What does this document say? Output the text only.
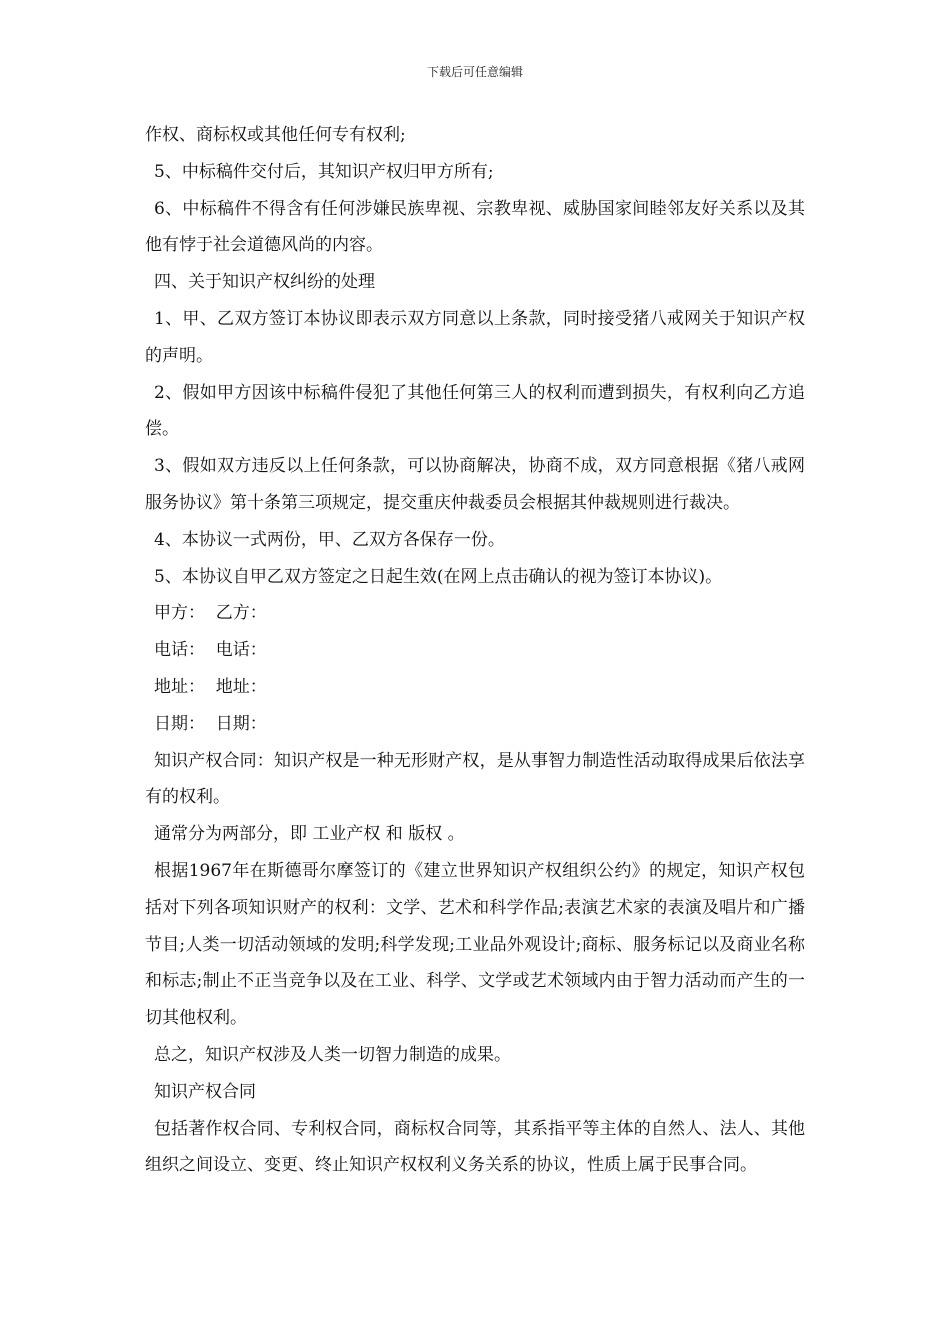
下载后可任意编辑

作权、商标权或其他任何专有权利;

5、中标稿件交付后，其知识产权归甲方所有;

6、中标稿件不得含有任何涉嫌民族卑视、宗教卑视、威胁国家间睦邻友好关系以及其他有悖于社会道德风尚的内容。

四、关于知识产权纠纷的处理

1、甲、乙双方签订本协议即表示双方同意以上条款，同时接受猪八戒网关于知识产权的声明。

2、假如甲方因该中标稿件侵犯了其他任何第三人的权利而遭到损失，有权利向乙方追偿。

3、假如双方违反以上任何条款，可以协商解决，协商不成，双方同意根据《猪八戒网服务协议》第十条第三项规定，提交重庆仲裁委员会根据其仲裁规则进行裁决。

4、本协议一式两份，甲、乙双方各保存一份。

5、本协议自甲乙双方签定之日起生效(在网上点击确认的视为签订本协议)。

甲方：  乙方：

电话：  电话：

地址：  地址：

日期：  日期：

知识产权合同：知识产权是一种无形财产权，是从事智力制造性活动取得成果后依法享有的权利。

通常分为两部分，即 工业产权 和 版权 。

根据1967年在斯德哥尔摩签订的《建立世界知识产权组织公约》的规定，知识产权包括对下列各项知识财产的权利：文学、艺术和科学作品;表演艺术家的表演及唱片和广播节目;人类一切活动领域的发明;科学发现;工业品外观设计;商标、服务标记以及商业名称和标志;制止不正当竞争以及在工业、科学、文学或艺术领域内由于智力活动而产生的一切其他权利。

总之，知识产权涉及人类一切智力制造的成果。

知识产权合同

包括著作权合同、专利权合同，商标权合同等，其系指平等主体的自然人、法人、其他组织之间设立、变更、终止知识产权权利义务关系的协议，性质上属于民事合同。
